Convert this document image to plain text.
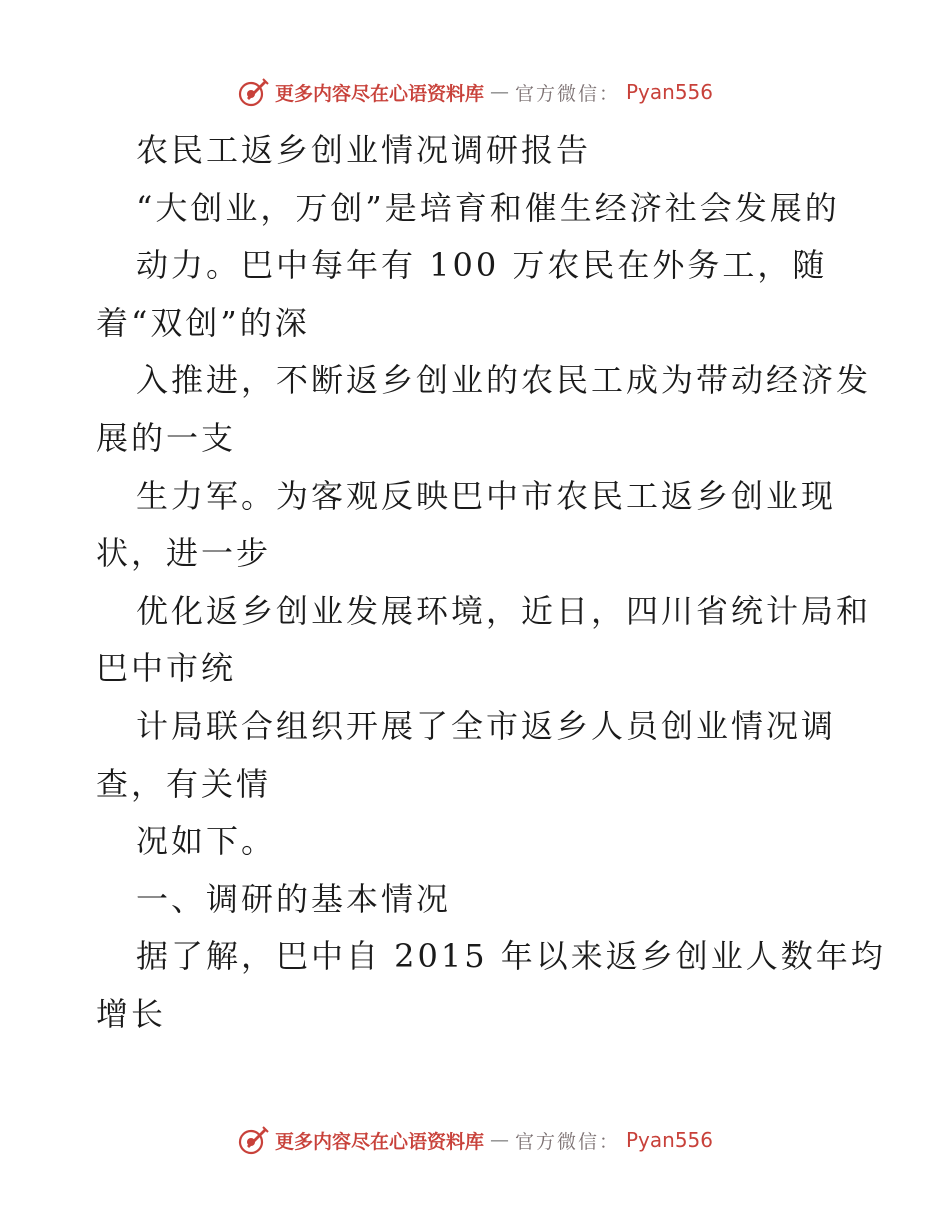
更多内容尽在心语资料库 — 官方微信： Pyan556
农民工返乡创业情况调研报告
“大创业，万创”是培育和催生经济社会发展的
动力。巴中每年有 100 万农民在外务工，随
着“双创”的深
入推进，不断返乡创业的农民工成为带动经济发
展的一支
生力军。为客观反映巴中市农民工返乡创业现
状，进一步
优化返乡创业发展环境，近日，四川省统计局和
巴中市统
计局联合组织开展了全市返乡人员创业情况调
查，有关情
况如下。
一、调研的基本情况
据了解，巴中自 2015 年以来返乡创业人数年均
增长
更多内容尽在心语资料库 — 官方微信： Pyan556
